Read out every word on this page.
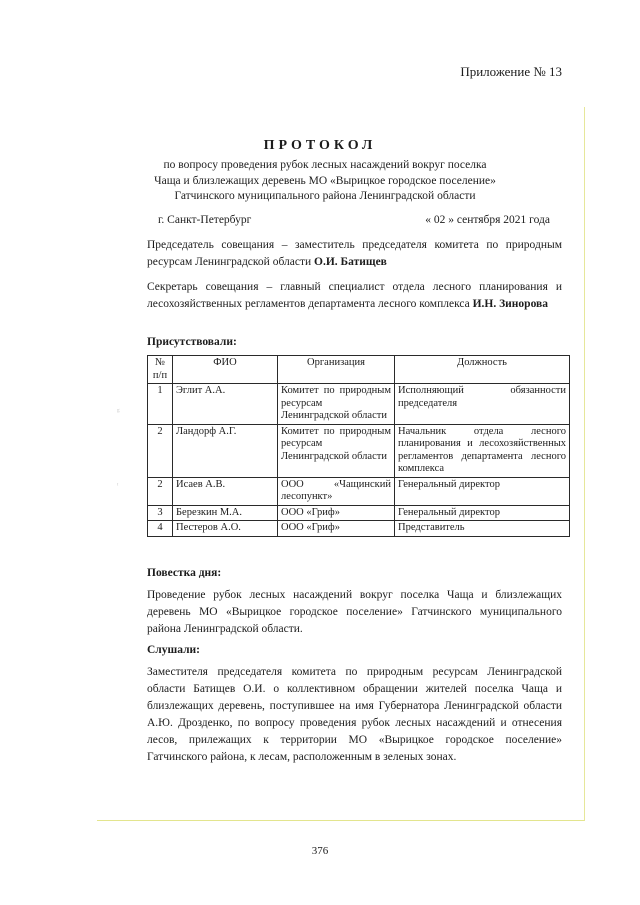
Приложение № 13
ᵍ
ᶦ
ПРОТОКОЛ
по вопросу проведения рубок лесных насаждений вокруг поселка Чаща и близлежащих деревень МО «Вырицкое городское поселение» Гатчинского муниципального района Ленинградской области
г. Санкт-Петербург	« 02 » сентября 2021 года
Председатель совещания – заместитель председателя комитета по природным ресурсам Ленинградской области О.И. Батищев
Секретарь совещания – главный специалист отдела лесного планирования и лесохозяйственных регламентов департамента лесного комплекса И.Н. Зинорова
Присутствовали:
№ п/п	ФИО	Организация	Должность
1	Эглит А.А.	Комитет по природным ресурсам Ленинградской области	Исполняющий обязанности председателя
2	Ландорф А.Г.	Комитет по природным ресурсам Ленинградской области	Начальник отдела лесного планирования и лесохозяйственных регламентов департамента лесного комплекса
2	Исаев А.В.	ООО «Чащинский лесопункт»	Генеральный директор
3	Березкин М.А.	ООО «Гриф»	Генеральный директор
4	Пестеров А.О.	ООО «Гриф»	Представитель
Повестка дня:
Проведение рубок лесных насаждений вокруг поселка Чаща и близлежащих деревень МО «Вырицкое городское поселение» Гатчинского муниципального района Ленинградской области.
Слушали:
Заместителя председателя комитета по природным ресурсам Ленинградской области Батищев О.И. о коллективном обращении жителей поселка Чаща и близлежащих деревень, поступившее на имя Губернатора Ленинградской области А.Ю. Дрозденко, по вопросу проведения рубок лесных насаждений и отнесения лесов, прилежащих к территории МО «Вырицкое городское поселение» Гатчинского района, к лесам, расположенным в зеленых зонах.
376
